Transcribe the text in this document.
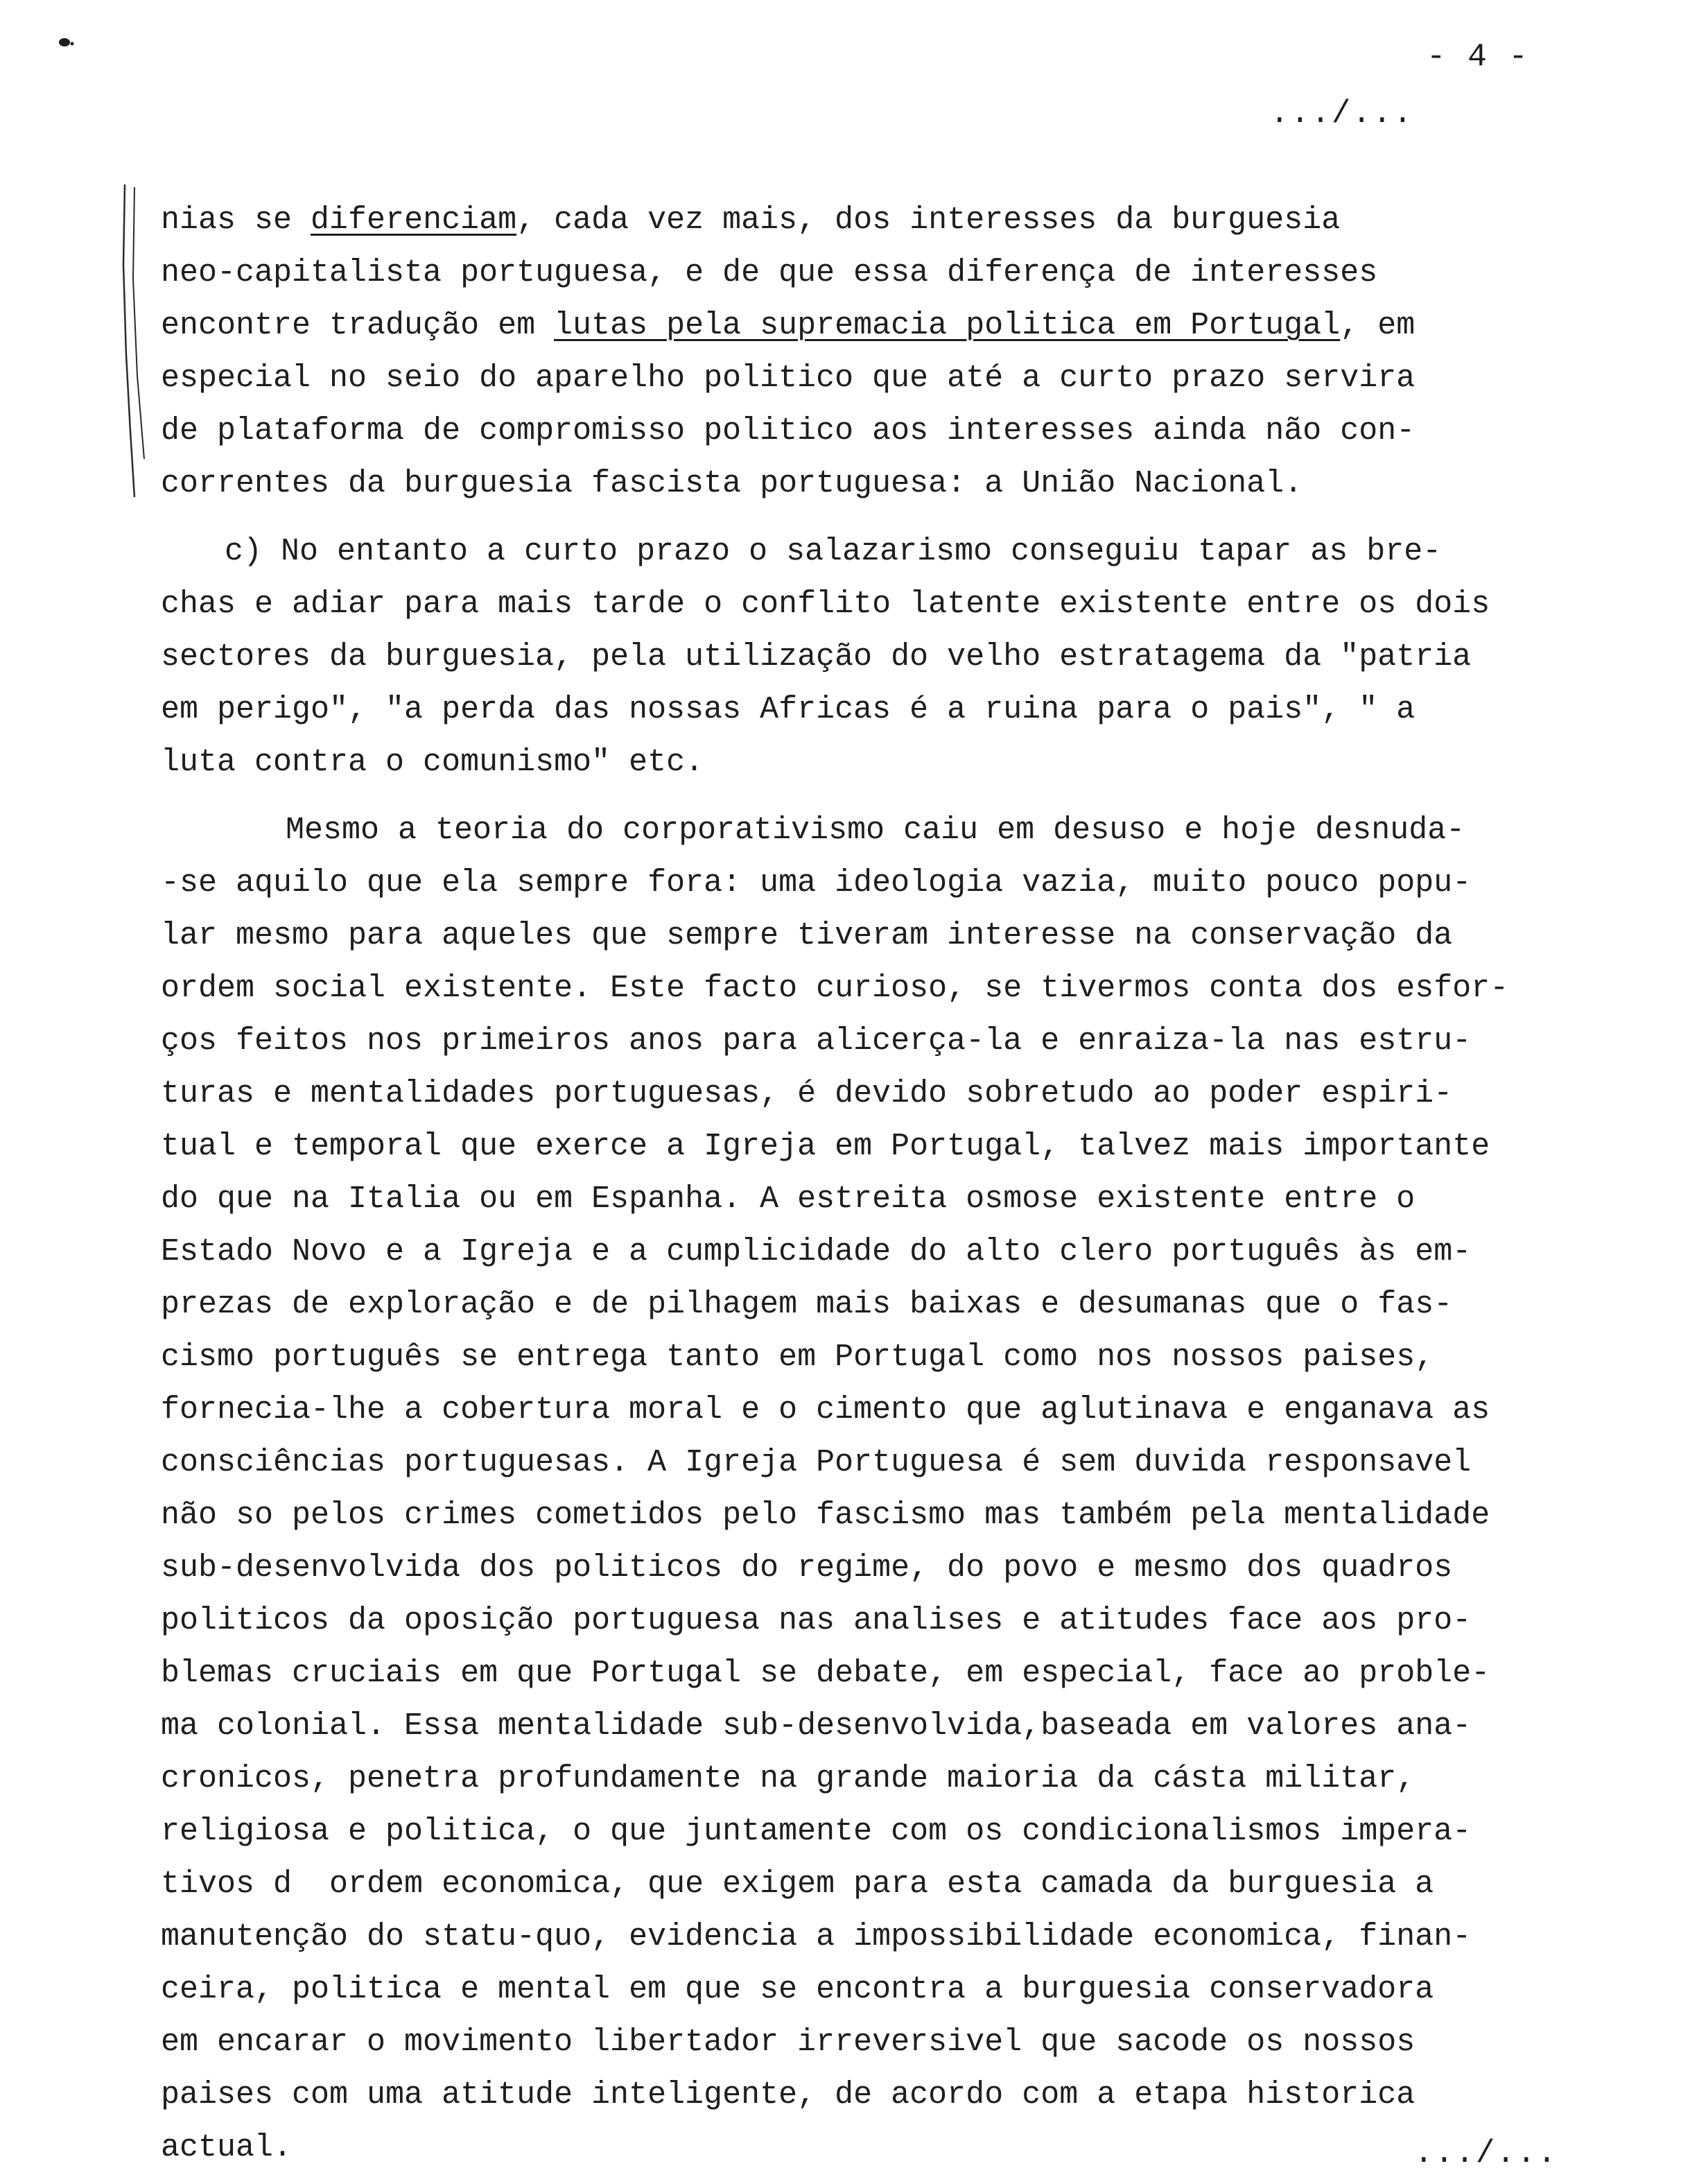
- 4 -
.../...
nias se diferenciam, cada vez mais, dos interesses da burguesia
neo-capitalista portuguesa, e de que essa diferença de interesses
encontre tradução em lutas pela supremacia politica em Portugal, em
especial no seio do aparelho politico que até a curto prazo servira
de plataforma de compromisso politico aos interesses ainda não con-
correntes da burguesia fascista portuguesa: a União Nacional.
c) No entanto a curto prazo o salazarismo conseguiu tapar as bre-
chas e adiar para mais tarde o conflito latente existente entre os dois
sectores da burguesia, pela utilização do velho estratagema da "patria
em perigo", "a perda das nossas Africas é a ruina para o pais", " a
luta contra o comunismo" etc.
Mesmo a teoria do corporativismo caiu em desuso e hoje desnuda-
-se aquilo que ela sempre fora: uma ideologia vazia, muito pouco popu-
lar mesmo para aqueles que sempre tiveram interesse na conservação da
ordem social existente. Este facto curioso, se tivermos conta dos esfor-
ços feitos nos primeiros anos para alicerça-la e enraiza-la nas estru-
turas e mentalidades portuguesas, é devido sobretudo ao poder espiri-
tual e temporal que exerce a Igreja em Portugal, talvez mais importante
do que na Italia ou em Espanha. A estreita osmose existente entre o
Estado Novo e a Igreja e a cumplicidade do alto clero português às em-
prezas de exploração e de pilhagem mais baixas e desumanas que o fas-
cismo português se entrega tanto em Portugal como nos nossos paises,
fornecia-lhe a cobertura moral e o cimento que aglutinava e enganava as
consciências portuguesas. A Igreja Portuguesa é sem duvida responsavel
não so pelos crimes cometidos pelo fascismo mas também pela mentalidade
sub-desenvolvida dos politicos do regime, do povo e mesmo dos quadros
politicos da oposição portuguesa nas analises e atitudes face aos pro-
blemas cruciais em que Portugal se debate, em especial, face ao proble-
ma colonial. Essa mentalidade sub-desenvolvida,baseada em valores ana-
cronicos, penetra profundamente na grande maioria da cásta militar,
religiosa e politica, o que juntamente com os condicionalismos impera-
tivos d  ordem economica, que exigem para esta camada da burguesia a
manutenção do statu-quo, evidencia a impossibilidade economica, finan-
ceira, politica e mental em que se encontra a burguesia conservadora
em encarar o movimento libertador irreversivel que sacode os nossos
paises com uma atitude inteligente, de acordo com a etapa historica
actual.	.../...
